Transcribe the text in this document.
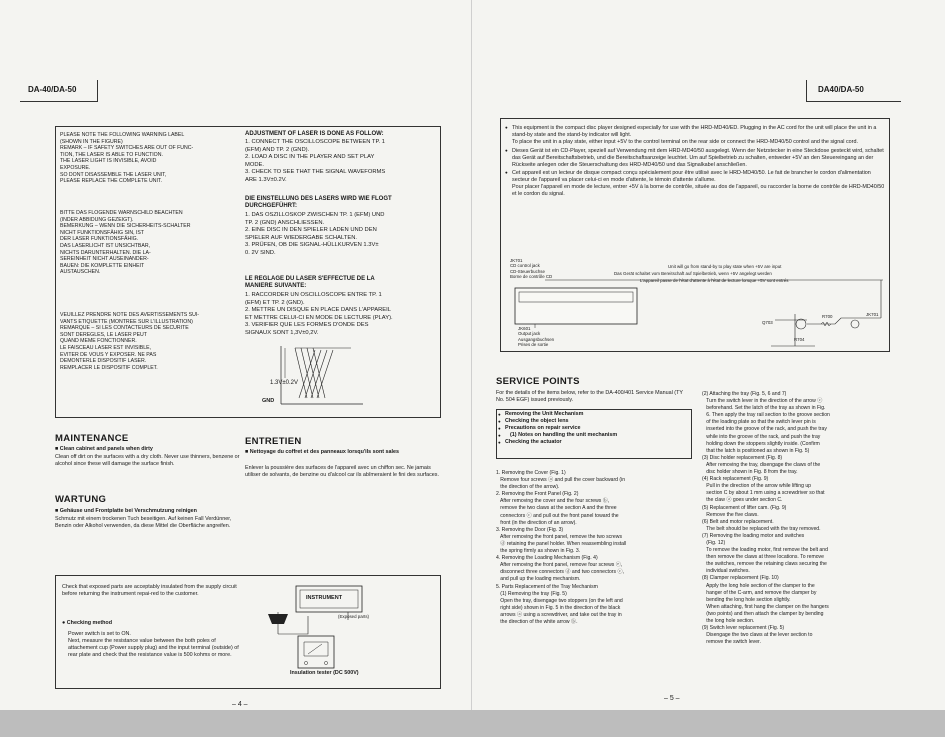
DA-40/DA-50	DA40/DA-50
PLEASE NOTE THE FOLLOWING WARNING LABEL
(SHOWN IN THE FIGURE)
REMARK – IF SAFETY SWITCHES ARE OUT OF FUNC-
TION, THE LASER IS ABLE TO FUNCTION.
THE LASER LIGHT IS INVISIBLE, AVOID
EXPOSURE.
SO DONT DISASSEMBLE THE LASER UNIT,
PLEASE REPLACE THE COMPLETE UNIT.
BITTE DAS FLOGENDE WARNSCHILD BEACHTEN
(INDER ABBIDUNG GEZEIGT).
BEMERKUNG – WENN DIE SICHERHEITS-SCHALTER
NICHT FUNKTIONSFÄHIG SIN, IST
DER LASER FUNKTIONSFÄHIG.
DAS LASERLICHT IST UNSICHTBAR,
NICHTS DARUNTERHALTEN. DIE LA-
SEREINHEIT NICHT AUSEINANDER-
BAUEN: DIE KOMPLETTE EINHEIT
AUSTAUSCHEN.
VEUILLEZ PRENDRE NOTE DES AVERTISSEMENTS SUI-
VANTS ETIQUETTE (MONTREE SUR L'ILLUSTRATION)
REMARQUE – SI LES CONTACTEURS DE SECURITE
SONT DEREGLES, LE LASER PEUT
QUAND MEME FONCTIONNER.
LE FAISCEAU LASER EST INVISIBLE,
EVITER DE VOUS Y EXPOSER. NE PAS
DEMONTERLE DISPOSITIF LASER.
REMPLACER LE DISPOSITIF COMPLET.
ADJUSTMENT OF LASER IS DONE AS FOLLOW:
1. CONNECT THE OSCILLOSCOPE BETWEEN TP. 1
(EFM) AND TP. 2 (GND).
2. LOAD A DISC IN THE PLAYER AND SET PLAY
MODE.
3. CHECK TO SEE THAT THE SIGNAL WAVEFORMS
ARE 1.3V±0.2V.
DIE EINSTELLUNG DES LASERS WIRD WIE FLOGT
DURCHGEFÜHRT:
1. DAS OSZILLOSKOP ZWISCHEN TP. 1 (EFM) UND
TP. 2 (GND) ANSCHLIESSEN.
2. EINE DISC IN DEN SPIELER LADEN UND DEN
SPIELER AUF WIEDERGABE SCHALTEN.
3. PRÜFEN, OB DIE SIGNAL-HÜLLKURVEN 1.3V±
0. 2V SIND.
LE REGLAGE DU LASER S'EFFECTUE DE LA
MANIERE SUIVANTE:
1. RACCORDER UN OSCILLOSCOPE ENTRE TP. 1
(EFM) ET TP. 2 (GND).
2. METTRE UN DISQUE EN PLACE DANS L'APPAREIL
ET METTRE CELUI-CI EN MODE DE LECTURE (PLAY).
3. VERIFIER QUE LES FORMES D'ONDE DES
SIGNAUX SONT 1,3V±0,2V.
1.3V±0.2V
GND
MAINTENANCE
■ Clean cabinet and panels when dirty
Clean off dirt on the surfaces with a dry cloth. Never use thinners, benzene or alcohol since these will damage the surface finish.
ENTRETIEN
■ Nettoyage du coffret et des panneaux lorsqu'ils sont sales
Enlever la poussière des surfaces de l'appareil avec un chiffon sec. Ne jamais utiliser de solvants, de benzine ou d'alcool car ils abîmeraient le fini des surfaces.
WARTUNG
■ Gehäuse und Frontplatte bei Verschmutzung reinigen
Schmutz mit einem trockenen Tuch beseitigen. Auf keinen Fall Verdünner, Benzin oder Alkohol verwenden, da diese Mittel die Oberfläche angreifen.
Check that exposed parts are acceptably insulated from the supply circuit before returning the instrument repai-red to the customer.
● Checking method
Power switch is set to ON.
Next, measure the resistance value between the both poles of attachement cup (Power supply plug) and the input terminal (outside) of rear plate and check that the resistance value is 500 kohms or more.
INSTRUMENT
(Exposed parts)
Insulation tester (DC 500V)
– 4 –
● This equipment is the compact disc player designed especially for use with the HRD-MD40/ED. Plugging in the AC cord for the unit will place the unit in a stand-by state and the stand-by indicator will light.
To place the unit in a play state, either input +5V to the control terminal on the rear side or connect the HRD-MD40/50 control and the signal cord.
● Dieses Gerät ist ein CD-Player, speziell auf Verwendung mit dem HRD-MD40/50 ausgelegt. Wenn der Netzstecker in eine Steckdose gesteckt wird, schaltet das Gerät auf Bereitschaftsbetrieb, und die Bereitschaftsanzeige leuchtet. Um auf Spielbetrieb zu schalten, entweder +5V an den Steuereingang an der Rückseite anlegen oder die Steuerschaltung des HRD-MD40/50 und das Signalkabel anschließen.
● Cet appareil est un lecteur de disque compact conçu spécialement pour être utilisé avec le HRD-MD40/50. Le fait de brancher le cordon d'alimentation secteur de l'appareil va placer celui-ci en mode d'attente, le témoin d'attente s'allume.
Pour placer l'appareil en mode de lecture, entrer +5V à la borne de contrôle, située au dos de l'appareil, ou raccorder la borne de contrôle de HRD-MD40/50 et le cordon du signal.
JK701
CD control jack
CD-Steuerbuchse
Borne de contrôle CD
Unit will go from stand-by to play state when +5V are input
Das Gerät schaltet vom Bereitschaft auf Spielbetrieb, wenn +5V angelegt werden
L'appareil passe de l'état d'attente à l'état de lecture lorsque +5V sont entrés
JK601
Output jack
Ausgangsbuchsen
Prises de sortie
Q703
R700
R704
JK701
SERVICE POINTS
For the details of the items below, refer to the DA-400/401 Service Manual (TY No. 504 EGF) issued previously.
● Removing the Unit Mechanism
● Checking the object lens
● Precautions on repair service
● (1) Notes on handling the unit mechanism
● Checking the actuator
1. Removing the Cover (Fig. 1)
Remove four screws ⓐ and pull the cover backward (in
the direction of the arrow).
2. Removing the Front Panel (Fig. 2)
After removing the cover and the four screws ⓑ,
remove the two claws at the section A and the three
connectors ⓒ and pull out the front panel toward the
front (in the direction of an arrow).
3. Removing the Door (Fig. 3)
After removing the front panel, remove the two screws
ⓓ retaining the panel holder. When reassembling install
the spring firmly as shown in Fig. 3.
4. Removing the Loading Mechanism (Fig. 4)
After removing the front panel, remove four screws ⓔ,
disconnect three connectors ⓓ and two connectors ⓒ,
and pull up the loading mechanism.
5. Parts Replacement of the Tray Mechanism
(1) Removing the tray (Fig. 5)
Open the tray, disengage two stoppers (on the left and
right side) shown in Fig. 5 in the direction of the black
arrows ⓐ using a screwdriver, and take out the tray in
the direction of the white arrow ⓑ.
(2) Attaching the tray (Fig. 5, 6 and 7)
Turn the switch lever in the direction of the arrow ⓒ
beforehand. Set the latch of the tray as shown in Fig.
6. Then apply the tray rail section to the groove section
of the loading plate so that the switch lever pin is
inserted into the groove of the rack, and push the tray
while into the groove of the rack, and push the tray
holding down the stoppers slightly inside. (Confirm
that the latch is positioned as shown in Fig. 5)
(3) Disc holder replacement (Fig. 8)
After removing the tray, disengage the claws of the
disc holder shown in Fig. 8 from the tray.
(4) Rack replacement (Fig. 9)
Pull in the direction of the arrow while lifting up
section C by about 1 mm using a screwdriver so that
the claw ⓐ goes under section C.
(5) Replacement of lifter cam. (Fig. 9)
Remove the five claws.
(6) Belt and motor replacement.
The belt should be replaced with the tray removed.
(7) Removing the loading motor and switches
(Fig. 12)
To remove the loading motor, first remove the belt and
then remove the claws at three locations. To remove
the switches, remove the retaining claws securing the
individual switches.
(8) Clamper replacement (Fig. 10)
Apply the long hole section of the clamper to the
hanger of the C-arm, and remove the clamper by
bending the long hole section slightly.
When attaching, first hang the clamper on the hangers
(two points) and then attach the clamper by bending
the long hole section.
(9) Switch lever replacement (Fig. 5)
Disengage the two claws at the lever section to
remove the switch lever.
– 5 –
